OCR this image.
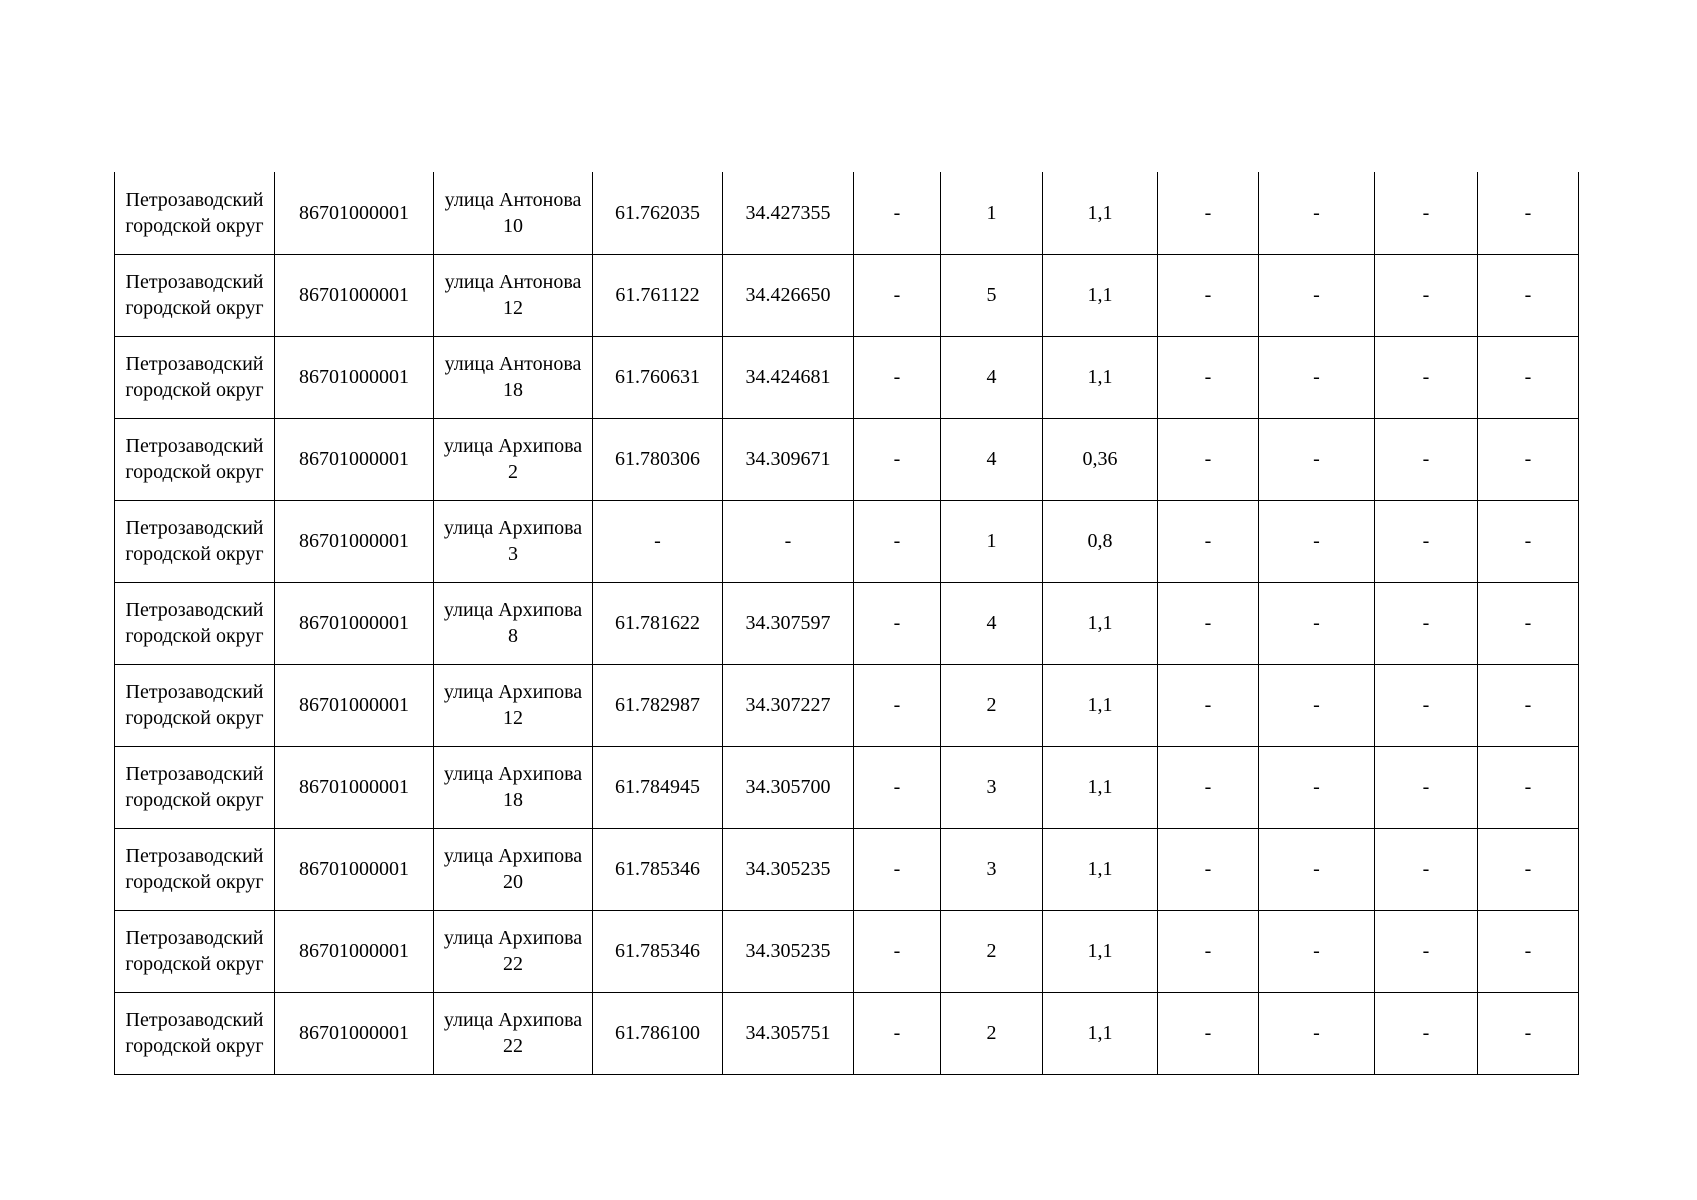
Петрозаводский городской округ	86701000001	улица Антонова 10	61.762035	34.427355	-	1	1,1	-	-	-	-
Петрозаводский городской округ	86701000001	улица Антонова 12	61.761122	34.426650	-	5	1,1	-	-	-	-
Петрозаводский городской округ	86701000001	улица Антонова 18	61.760631	34.424681	-	4	1,1	-	-	-	-
Петрозаводский городской округ	86701000001	улица Архипова 2	61.780306	34.309671	-	4	0,36	-	-	-	-
Петрозаводский городской округ	86701000001	улица Архипова 3	-	-	-	1	0,8	-	-	-	-
Петрозаводский городской округ	86701000001	улица Архипова 8	61.781622	34.307597	-	4	1,1	-	-	-	-
Петрозаводский городской округ	86701000001	улица Архипова 12	61.782987	34.307227	-	2	1,1	-	-	-	-
Петрозаводский городской округ	86701000001	улица Архипова 18	61.784945	34.305700	-	3	1,1	-	-	-	-
Петрозаводский городской округ	86701000001	улица Архипова 20	61.785346	34.305235	-	3	1,1	-	-	-	-
Петрозаводский городской округ	86701000001	улица Архипова 22	61.785346	34.305235	-	2	1,1	-	-	-	-
Петрозаводский городской округ	86701000001	улица Архипова 22	61.786100	34.305751	-	2	1,1	-	-	-	-
